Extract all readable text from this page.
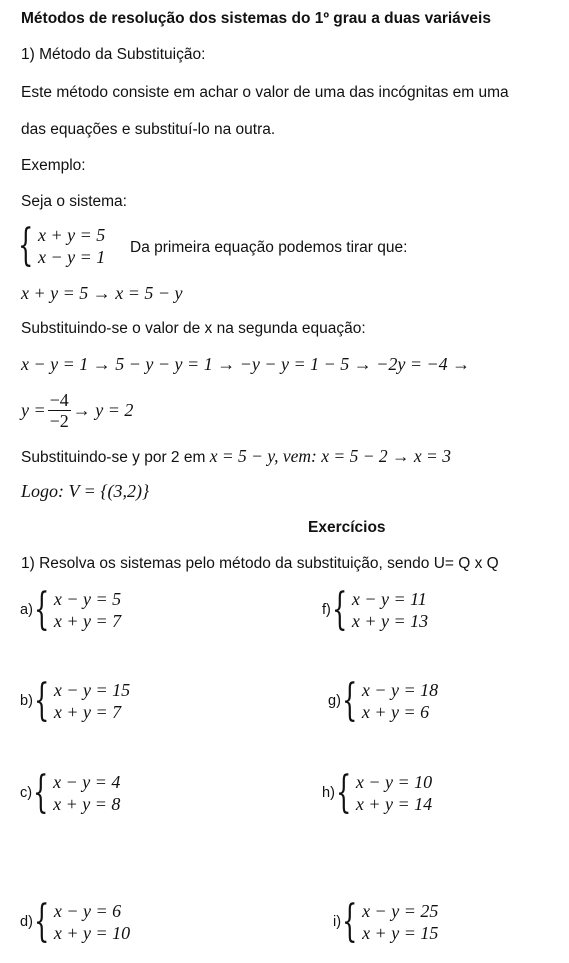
Métodos de resolução dos sistemas do 1º grau a duas variáveis
1) Método da Substituição:
Este método consiste em achar o valor de uma das incógnitas em uma
das equações e substituí-lo na outra.
Exemplo:
Seja o sistema:
{ x + y = 5
x − y = 1 Da primeira equação podemos tirar que:
x + y = 5 → x = 5 − y
Substituindo-se o valor de x na segunda equação:
x − y = 1 → 5 − y − y = 1 → −y − y = 1 − 5 → −2y = −4 →
$y = \frac{-4}{-2} \to y = 2$
Substituindo-se y por 2 em x = 5 − y, vem: x = 5 − 2 → x = 3
Logo: V = {(3,2)}
Exercícios
1) Resolva os sistemas pelo método da substituição, sendo U= Q x Q
a) { x − y = 5
x + y = 7
f) { x − y = 11
x + y = 13
b) { x − y = 15
x + y = 7
g) { x − y = 18
x + y = 6
c) { x − y = 4
x + y = 8
h) { x − y = 10
x + y = 14
d) { x − y = 6
x + y = 10
i) { x − y = 25
x + y = 15
